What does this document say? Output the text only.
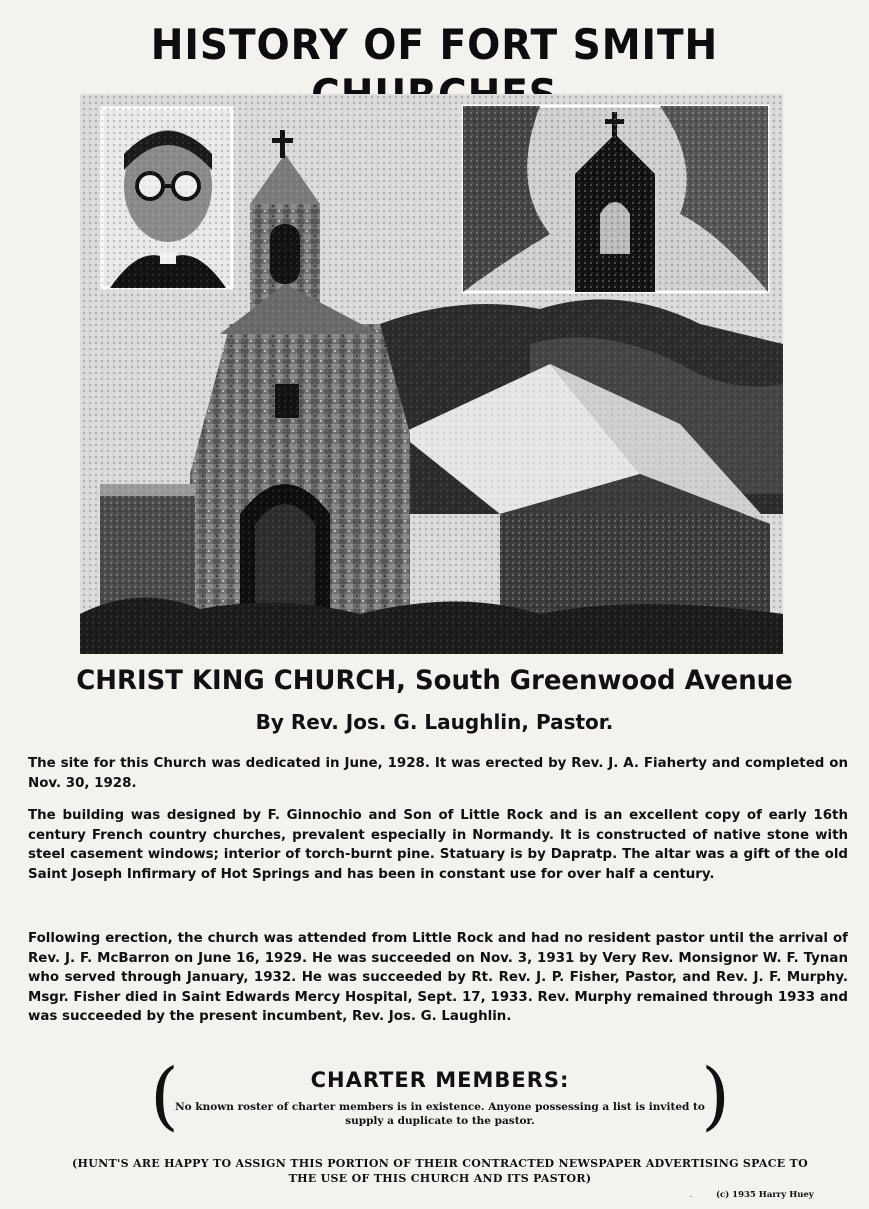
HISTORY OF FORT SMITH
CHRIST KING CHURCH, South Greenwood Avenue
By Rev. Jos. G. Laughlin, Pastor.
The site for this Church was dedicated in June, 1928. It was erected by Rev. J. A. Fiaherty and completed on Nov. 30, 1928.
The building was designed by F. Ginnochio and Son of Little Rock and is an excellent copy of early 16th century French country churches, prevalent especially in Normandy. It is constructed of native stone with steel casement windows; interior of torch-burnt pine. Statuary is by Dapratp. The altar was a gift of the old Saint Joseph Infirmary of Hot Springs and has been in constant use for over half a century.
Following erection, the church was attended from Little Rock and had no resident pastor until the arrival of Rev. J. F. McBarron on June 16, 1929. He was succeeded on Nov. 3, 1931 by Very Rev. Monsignor W. F. Tynan who served through January, 1932. He was succeeded by Rt. Rev. J. P. Fisher, Pastor, and Rev. J. F. Murphy. Msgr. Fisher died in Saint Edwards Mercy Hospital, Sept. 17, 1933. Rev. Murphy remained through 1933 and was succeeded by the present incumbent, Rev. Jos. G. Laughlin.
(	CHARTER MEMBERS:
No known roster of charter members is in existence. Anyone possessing a list is invited to supply a duplicate to the pastor.	)
(HUNT'S ARE HAPPY TO ASSIGN THIS PORTION OF THEIR CONTRACTED NEWSPAPER ADVERTISING SPACE TO THE USE OF THIS CHURCH AND ITS PASTOR)
.	(c) 1935 Harry Huey
